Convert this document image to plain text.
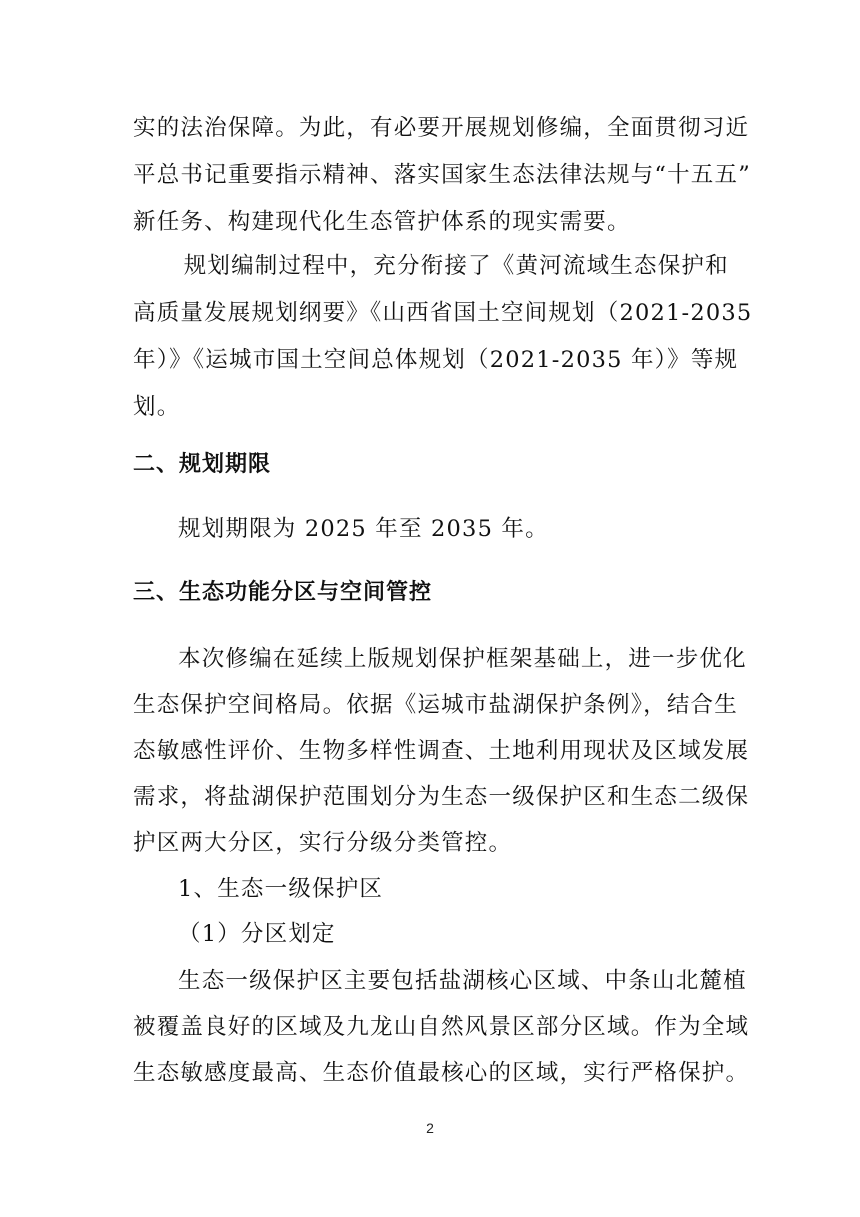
实的法治保障。为此，有必要开展规划修编，全面贯彻习近
平总书记重要指示精神、落实国家生态法律法规与“十五五”
新任务、构建现代化生态管护体系的现实需要。
　规划编制过程中，充分衔接了《黄河流域生态保护和
高质量发展规划纲要》《山西省国土空间规划（2021-2035
年）》《运城市国土空间总体规划（2021-2035 年）》等规
划。
二、规划期限
规划期限为 2025 年至 2035 年。
三、生态功能分区与空间管控
本次修编在延续上版规划保护框架基础上，进一步优化
生态保护空间格局。依据《运城市盐湖保护条例》，结合生
态敏感性评价、生物多样性调查、土地利用现状及区域发展
需求，将盐湖保护范围划分为生态一级保护区和生态二级保
护区两大分区，实行分级分类管控。
1、生态一级保护区
（1）分区划定
生态一级保护区主要包括盐湖核心区域、中条山北麓植
被覆盖良好的区域及九龙山自然风景区部分区域。作为全域
生态敏感度最高、生态价值最核心的区域，实行严格保护。
2
